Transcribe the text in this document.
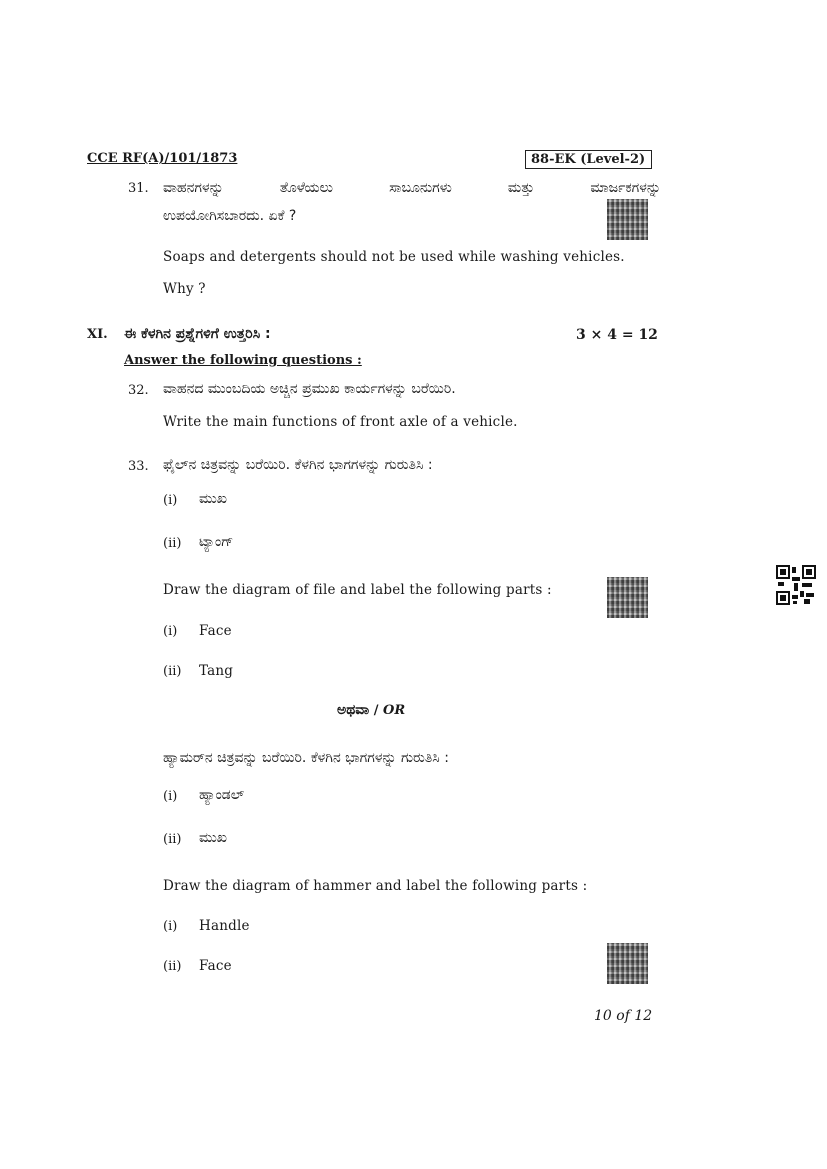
CCE RF(A)/101/1873	88-EK (Level-2)
31. ವಾಹನಗಳನ್ನು	ತೊಳೆಯಲು	ಸಾಬೂನುಗಳು	ಮತ್ತು	ಮಾರ್ಜಕಗಳನ್ನು
ಉಪಯೋಗಿಸಬಾರದು. ಏಕೆ ?
Soaps and detergents should not be used while washing vehicles.
Why ?
XI. ಈ ಕೆಳಗಿನ ಪ್ರಶ್ನೆಗಳಿಗೆ ಉತ್ತರಿಸಿ :	3 × 4 = 12
Answer the following questions :
32. ವಾಹನದ ಮುಂಬದಿಯ ಅಚ್ಚಿನ ಪ್ರಮುಖ ಕಾರ್ಯಗಳನ್ನು ಬರೆಯಿರಿ.
Write the main functions of front axle of a vehicle.
33. ಫೈಲ್‌ನ ಚಿತ್ರವನ್ನು ಬರೆಯಿರಿ. ಕೆಳಗಿನ ಭಾಗಗಳನ್ನು ಗುರುತಿಸಿ :
(i) ಮುಖ
(ii) ಟ್ಯಾಂಗ್
Draw the diagram of file and label the following parts :
(i) Face
(ii) Tang
ಅಥವಾ / OR
ಹ್ಯಾಮರ್‌ನ ಚಿತ್ರವನ್ನು ಬರೆಯಿರಿ. ಕೆಳಗಿನ ಭಾಗಗಳನ್ನು ಗುರುತಿಸಿ :
(i) ಹ್ಯಾಂಡಲ್
(ii) ಮುಖ
Draw the diagram of hammer and label the following parts :
(i) Handle
(ii) Face
10 of 12
